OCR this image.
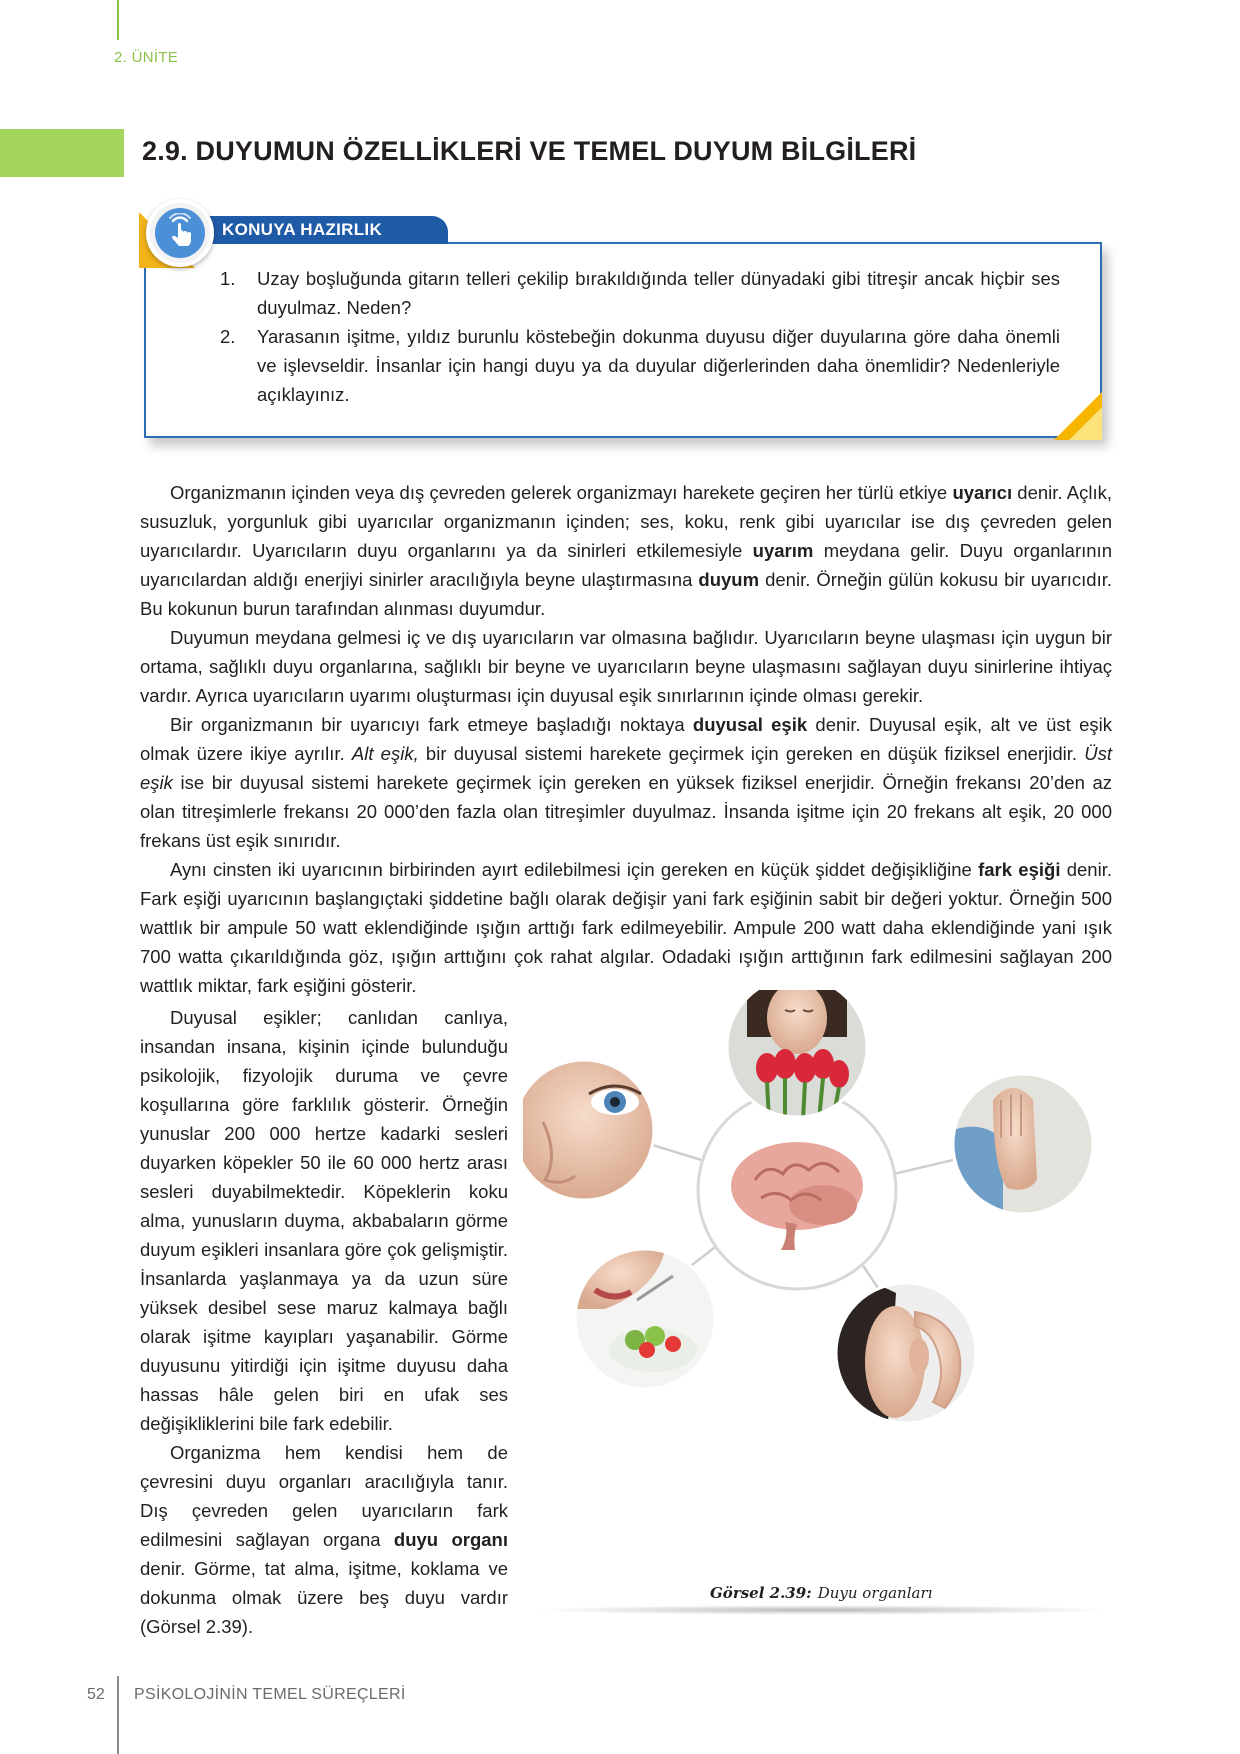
2. ÜNİTE
2.9. DUYUMUN ÖZELLİKLERİ VE TEMEL DUYUM BİLGİLERİ
KONUYA HAZIRLIK
1. Uzay boşluğunda gitarın telleri çekilip bırakıldığında teller dünyadaki gibi titreşir ancak hiçbir ses duyulmaz. Neden?
2. Yarasanın işitme, yıldız burunlu köstebeğin dokunma duyusu diğer duyularına göre daha önemli ve işlevseldir. İnsanlar için hangi duyu ya da duyular diğerlerinden daha önemlidir? Nedenleriyle açıklayınız.

Organizmanın içinden veya dış çevreden gelerek organizmayı harekete geçiren her türlü etkiye uyarıcı denir. Açlık, susuzluk, yorgunluk gibi uyarıcılar organizmanın içinden; ses, koku, renk gibi uyarıcılar ise dış çevreden gelen uyarıcılardır. Uyarıcıların duyu organlarını ya da sinirleri etkilemesiyle uyarım meydana gelir. Duyu organlarının uyarıcılardan aldığı enerjiyi sinirler aracılığıyla beyne ulaştırmasına duyum denir. Örneğin gülün kokusu bir uyarıcıdır. Bu kokunun burun tarafından alınması duyumdur.

Duyumun meydana gelmesi iç ve dış uyarıcıların var olmasına bağlıdır. Uyarıcıların beyne ulaşması için uygun bir ortama, sağlıklı duyu organlarına, sağlıklı bir beyne ve uyarıcıların beyne ulaşmasını sağlayan duyu sinirlerine ihtiyaç vardır. Ayrıca uyarıcıların uyarımı oluşturması için duyusal eşik sınırlarının içinde olması gerekir.

Bir organizmanın bir uyarıcıyı fark etmeye başladığı noktaya duyusal eşik denir. Duyusal eşik, alt ve üst eşik olmak üzere ikiye ayrılır. Alt eşik, bir duyusal sistemi harekete geçirmek için gereken en düşük fiziksel enerjidir. Üst eşik ise bir duyusal sistemi harekete geçirmek için gereken en yüksek fiziksel enerjidir. Örneğin frekansı 20’den az olan titreşimlerle frekansı 20 000’den fazla olan titreşimler duyulmaz. İnsanda işitme için 20 frekans alt eşik, 20 000 frekans üst eşik sınırıdır.

Aynı cinsten iki uyarıcının birbirinden ayırt edilebilmesi için gereken en küçük şiddet değişikliğine fark eşiği denir. Fark eşiği uyarıcının başlangıçtaki şiddetine bağlı olarak değişir yani fark eşiğinin sabit bir değeri yoktur. Örneğin 500 wattlık bir ampule 50 watt eklendiğinde ışığın arttığı fark edilmeyebilir. Ampule 200 watt daha eklendiğinde yani ışık 700 watta çıkarıldığında göz, ışığın arttığını çok rahat algılar. Odadaki ışığın arttığının fark edilmesini sağlayan 200 wattlık miktar, fark eşiğini gösterir.

Duyusal eşikler; canlıdan canlıya, insandan insana, kişinin içinde bulunduğu psikolojik, fizyolojik duruma ve çevre koşullarına göre farklılık gösterir. Örneğin yunuslar 200 000 hertze kadarki sesleri duyarken köpekler 50 ile 60 000 hertz arası sesleri duyabilmektedir. Köpeklerin koku alma, yunusların duyma, akbabaların görme duyum eşikleri insanlara göre çok gelişmiştir. İnsanlarda yaşlanmaya ya da uzun süre yüksek desibel sese maruz kalmaya bağlı olarak işitme kayıpları yaşanabilir. Görme duyusunu yitirdiği için işitme duyusu daha hassas hâle gelen biri en ufak ses değişikliklerini bile fark edebilir.

Organizma hem kendisi hem de çevresini duyu organları aracılığıyla tanır. Dış çevreden gelen uyarıcıların fark edilmesini sağlayan organa duyu organı denir. Görme, tat alma, işitme, koklama ve dokunma olmak üzere beş duyu vardır (Görsel 2.39).

Görsel 2.39: Duyu organları
52 PSİKOLOJİNİN TEMEL SÜREÇLERİ
